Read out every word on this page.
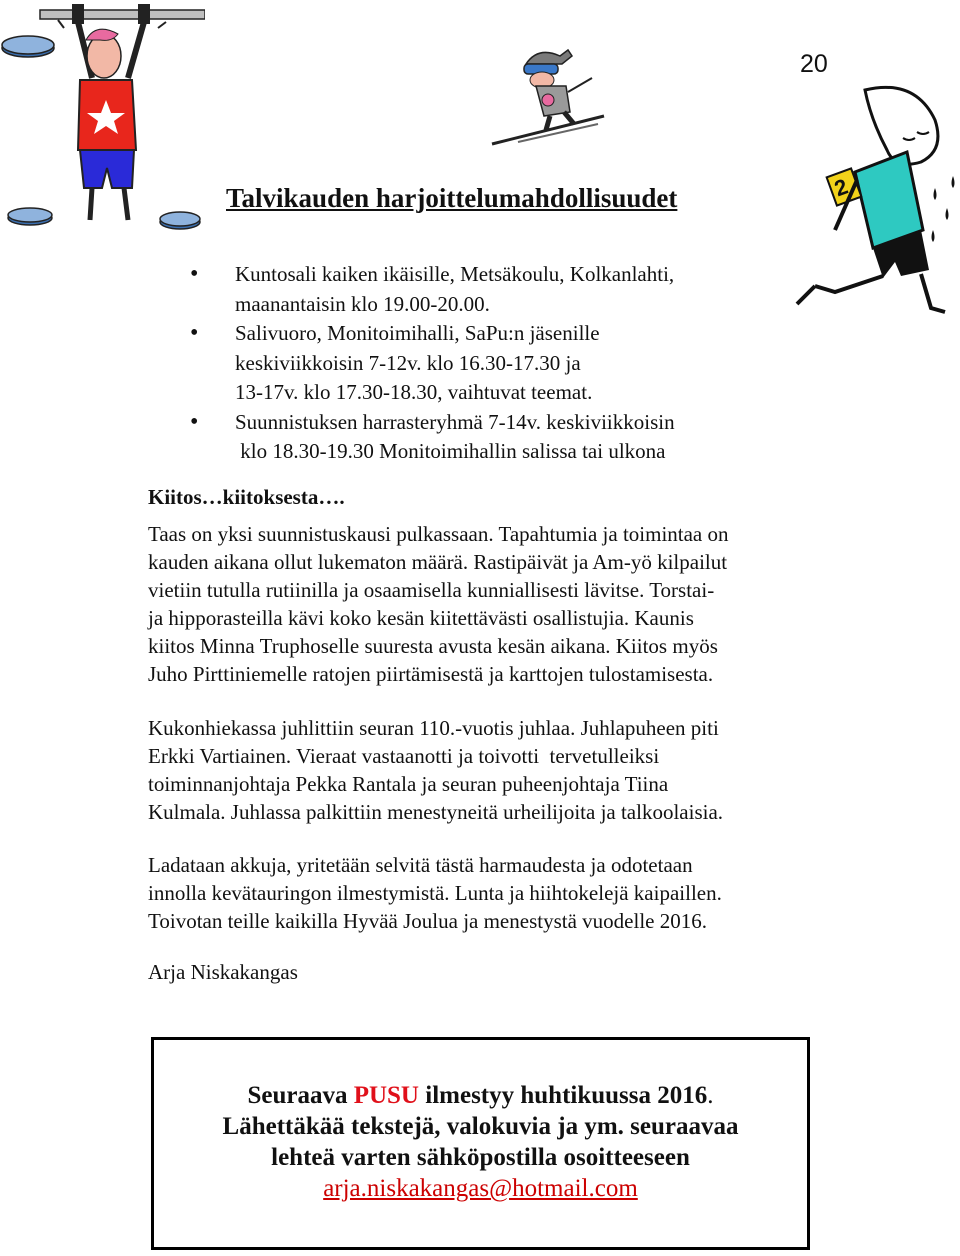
20
2
Talvikauden harjoittelumahdollisuudet
• Kuntosali kaiken ikäisille, Metsäkoulu, Kolkanlahti,
maanantaisin klo 19.00-20.00.
• Salivuoro, Monitoimihalli, SaPu:n jäsenille
keskiviikkoisin 7-12v. klo 16.30-17.30 ja
13-17v. klo 17.30-18.30, vaihtuvat teemat.
• Suunnistuksen harrasteryhmä 7-14v. keskiviikkoisin
klo 18.30-19.30 Monitoimihallin salissa tai ulkona

Kiitos…kiitoksesta….

Taas on yksi suunnistuskausi pulkassaan. Tapahtumia ja toimintaa on
kauden aikana ollut lukematon määrä. Rastipäivät ja Am-yö kilpailut
vietiin tutulla rutiinilla ja osaamisella kunniallisesti lävitse. Torstai-
ja hipporasteilla kävi koko kesän kiitettävästi osallistujia. Kaunis
kiitos Minna Truphoselle suuresta avusta kesän aikana. Kiitos myös
Juho Pirttiniemelle ratojen piirtämisestä ja karttojen tulostamisesta.

Kukonhiekassa juhlittiin seuran 110.-vuotis juhlaa. Juhlapuheen piti
Erkki Vartiainen. Vieraat vastaanotti ja toivotti  tervetulleiksi
toiminnanjohtaja Pekka Rantala ja seuran puheenjohtaja Tiina
Kulmala. Juhlassa palkittiin menestyneitä urheilijoita ja talkoolaisia.

Ladataan akkuja, yritetään selvitä tästä harmaudesta ja odotetaan
innolla kevätauringon ilmestymistä. Lunta ja hiihtokelejä kaipaillen.
Toivotan teille kaikilla Hyvää Joulua ja menestystä vuodelle 2016.

Arja Niskakangas

Seuraava PUSU ilmestyy huhtikuussa 2016.
Lähettäkää tekstejä, valokuvia ja ym. seuraavaa
lehteä varten sähköpostilla osoitteeseen
arja.niskakangas@hotmail.com
